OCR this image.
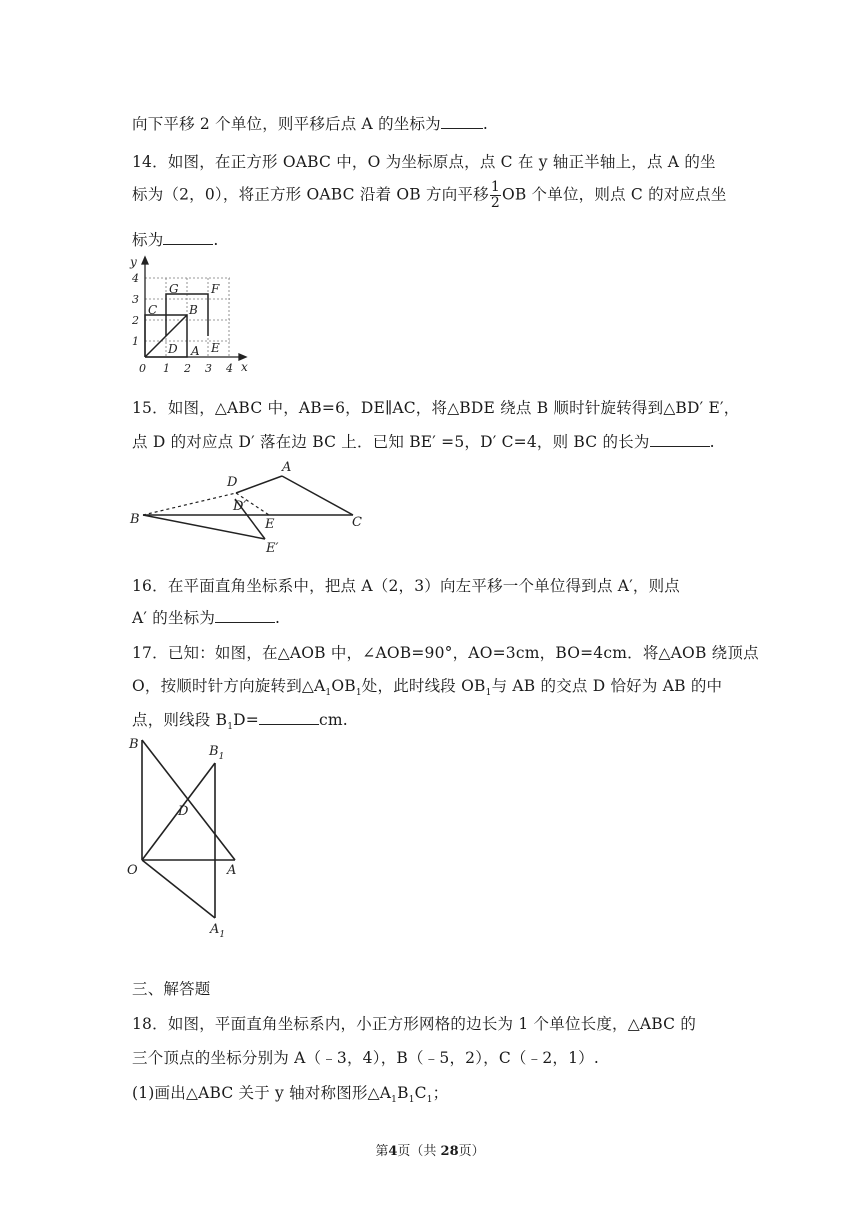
向下平移 2 个单位，则平移后点 A 的坐标为	.
14．如图，在正方形 OABC 中，O 为坐标原点，点 C 在 y 轴正半轴上，点 A 的坐
标为（2，0），将正方形 OABC 沿着 OB 方向平移 $\frac{1}{2}$ OB 个单位，则点 C 的对应点坐
标为	.
0 1 2 3 4
1
2
3
4
x
y
G	F
C	B
D A E
15．如图，△ABC 中，AB=6，DE∥AC，将△BDE 绕点 B 顺时针旋转得到△BD′ E′，
点 D 的对应点 D′ 落在边 BC 上．已知 BE′ =5，D′ C=4，则 BC 的长为	.
A
D
D′
B	E	C
E′
16．在平面直角坐标系中，把点 A（2，3）向左平移一个单位得到点 A′，则点
A′ 的坐标为	.
17．已知：如图，在△AOB 中，∠AOB=90°，AO=3cm，BO=4cm．将△AOB 绕顶点
O，按顺时针方向旋转到$\triangle A_1OB_1$处，此时线段 $OB_1$与 AB 的交点 D 恰好为 AB 的中
点，则线段 $B_1D=$	cm.
B	$B_1$
D
O	A
$A_1$
三、解答题
18．如图，平面直角坐标系内，小正方形网格的边长为 1 个单位长度，△ABC 的
三个顶点的坐标分别为 A（﹣3，4），B（﹣5，2），C（﹣2，1）.
(1)画出△ABC 关于 y 轴对称图形$\triangle A_1B_1C_1$；
第4页（共 28页）
